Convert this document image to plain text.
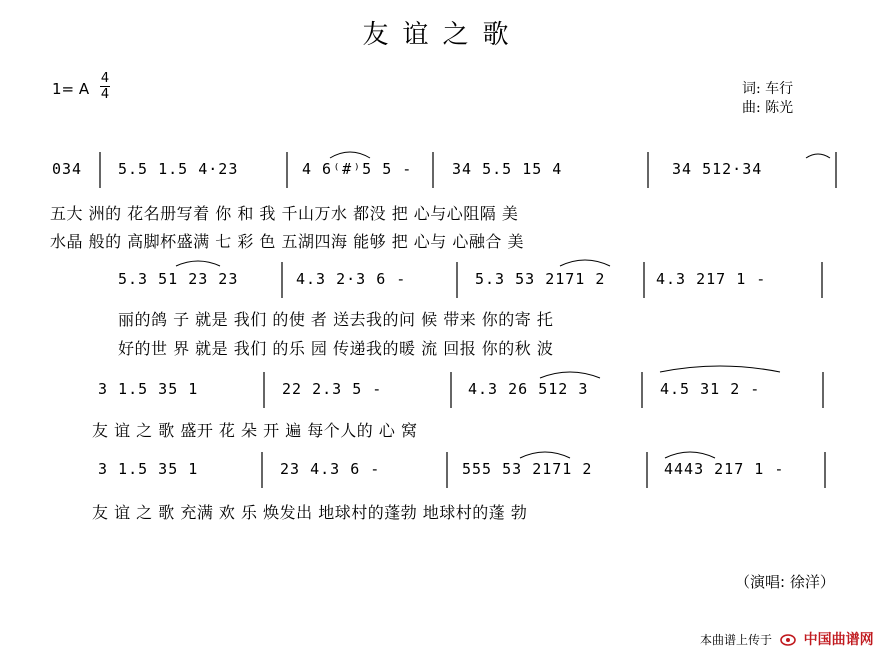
友谊之歌
1= A
4
4	词: 车行
曲: 陈光
034 5.5 1.5 4·23	4 6⁽#⁾5 5 -	34 5.5 15 4	34 512·34
五大 洲的 花名册写着 你 和 我 千山万水 都没 把 心与心阻隔 美
水晶 般的 高脚杯盛满 七 彩 色 五湖四海 能够 把 心与 心融合 美
5.3 51 23 23	4.3 2·3 6 -	5.3 53 2171 2	4.3 217 1 -
丽的鸽 子 就是 我们 的使 者 送去我的问 候 带来 你的寄 托
好的世 界 就是 我们 的乐 园 传递我的暖 流 回报 你的秋 波
3 1.5 35 1	22 2.3 5 -	4.3 26 512 3	4.5 31 2 -
友 谊 之 歌 盛开 花 朵 开 遍 每个人的 心 窝
3 1.5 35 1	23 4.3 6 -	555 53 2171 2	4443 217 1 -
友 谊 之 歌 充满 欢 乐 焕发出 地球村的蓬勃 地球村的蓬 勃
（演唱: 徐洋）
本曲谱上传于 中国曲谱网
